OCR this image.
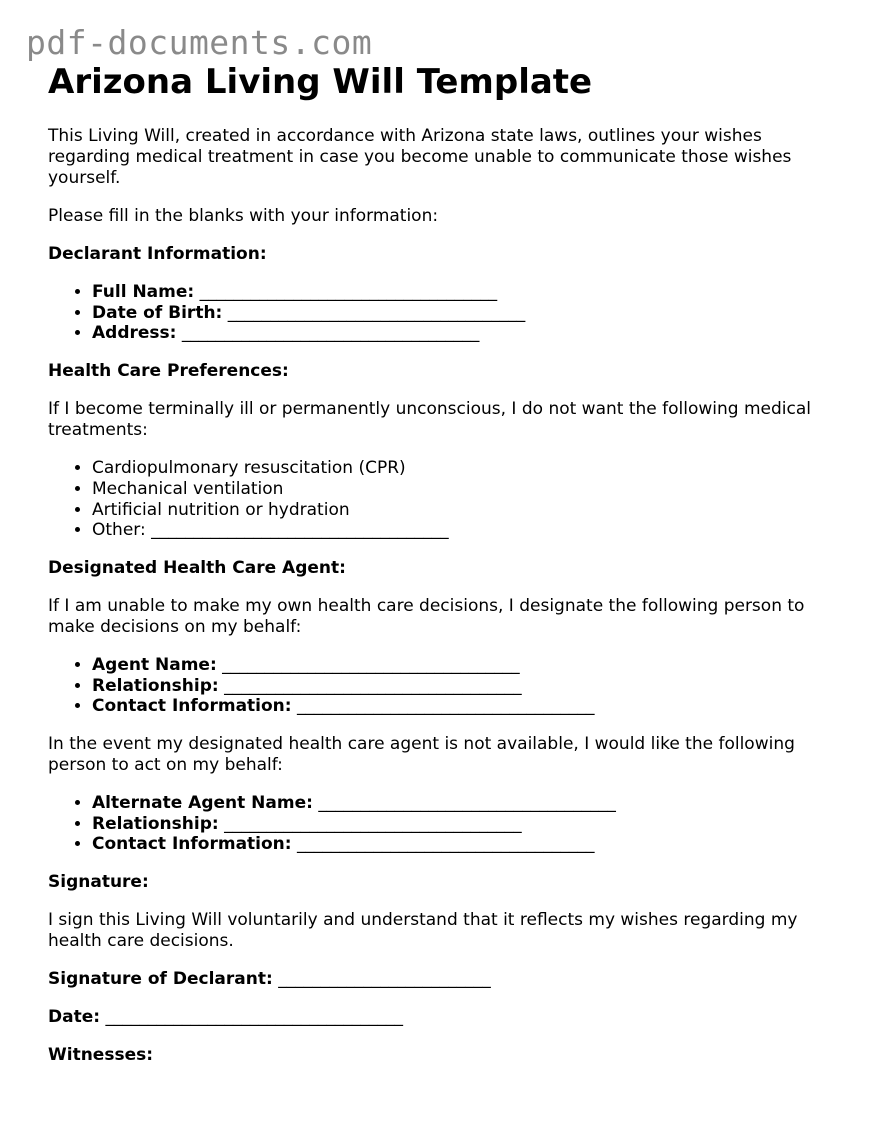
pdf-documents.com
Arizona Living Will Template

This Living Will, created in accordance with Arizona state laws, outlines your wishes regarding medical treatment in case you become unable to communicate those wishes yourself.

Please fill in the blanks with your information:

Declarant Information:

• Full Name: ___________________________________
• Date of Birth: ___________________________________
• Address: ___________________________________

Health Care Preferences:

If I become terminally ill or permanently unconscious, I do not want the following medical treatments:

• Cardiopulmonary resuscitation (CPR)
• Mechanical ventilation
• Artificial nutrition or hydration
• Other: ___________________________________

Designated Health Care Agent:

If I am unable to make my own health care decisions, I designate the following person to make decisions on my behalf:

• Agent Name: ___________________________________
• Relationship: ___________________________________
• Contact Information: ___________________________________

In the event my designated health care agent is not available, I would like the following person to act on my behalf:

• Alternate Agent Name: ___________________________________
• Relationship: ___________________________________
• Contact Information: ___________________________________

Signature:

I sign this Living Will voluntarily and understand that it reflects my wishes regarding my health care decisions.

Signature of Declarant: _________________________

Date: ___________________________________

Witnesses:
